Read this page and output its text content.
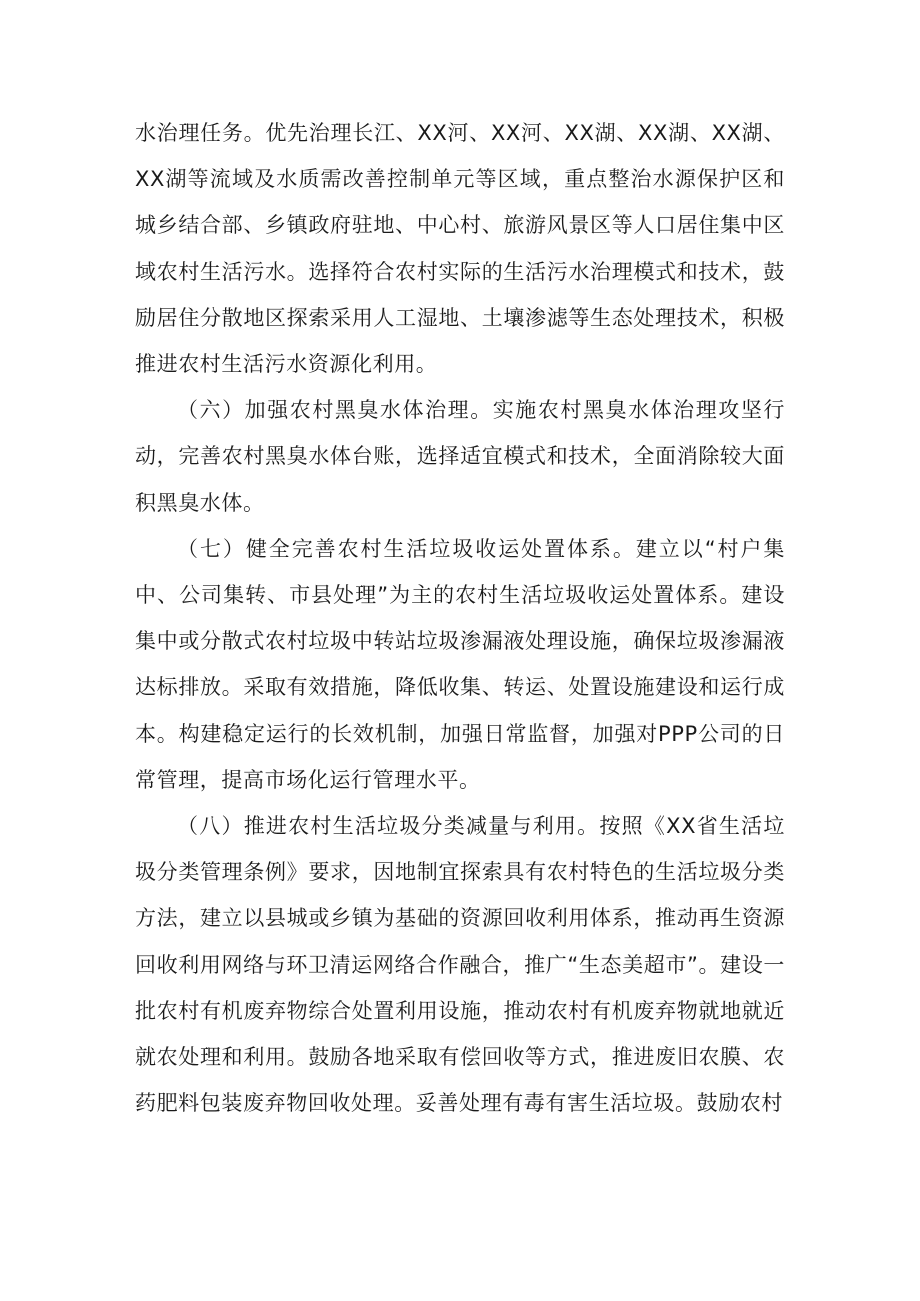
水治理任务。优先治理长江、XX河、XX河、XX湖、XX湖、XX湖、XX湖等流域及水质需改善控制单元等区域，重点整治水源保护区和城乡结合部、乡镇政府驻地、中心村、旅游风景区等人口居住集中区域农村生活污水。选择符合农村实际的生活污水治理模式和技术，鼓励居住分散地区探索采用人工湿地、土壤渗滤等生态处理技术，积极推进农村生活污水资源化利用。

（六）加强农村黑臭水体治理。实施农村黑臭水体治理攻坚行动，完善农村黑臭水体台账，选择适宜模式和技术，全面消除较大面积黑臭水体。

（七）健全完善农村生活垃圾收运处置体系。建立以“村户集中、公司集转、市县处理”为主的农村生活垃圾收运处置体系。建设集中或分散式农村垃圾中转站垃圾渗漏液处理设施，确保垃圾渗漏液达标排放。采取有效措施，降低收集、转运、处置设施建设和运行成本。构建稳定运行的长效机制，加强日常监督，加强对PPP公司的日常管理，提高市场化运行管理水平。

（八）推进农村生活垃圾分类减量与利用。按照《XX省生活垃圾分类管理条例》要求，因地制宜探索具有农村特色的生活垃圾分类方法，建立以县城或乡镇为基础的资源回收利用体系，推动再生资源回收利用网络与环卫清运网络合作融合，推广“生态美超市”。建设一批农村有机废弃物综合处置利用设施，推动农村有机废弃物就地就近就农处理和利用。鼓励各地采取有偿回收等方式，推进废旧农膜、农药肥料包装废弃物回收处理。妥善处理有毒有害生活垃圾。鼓励农村
